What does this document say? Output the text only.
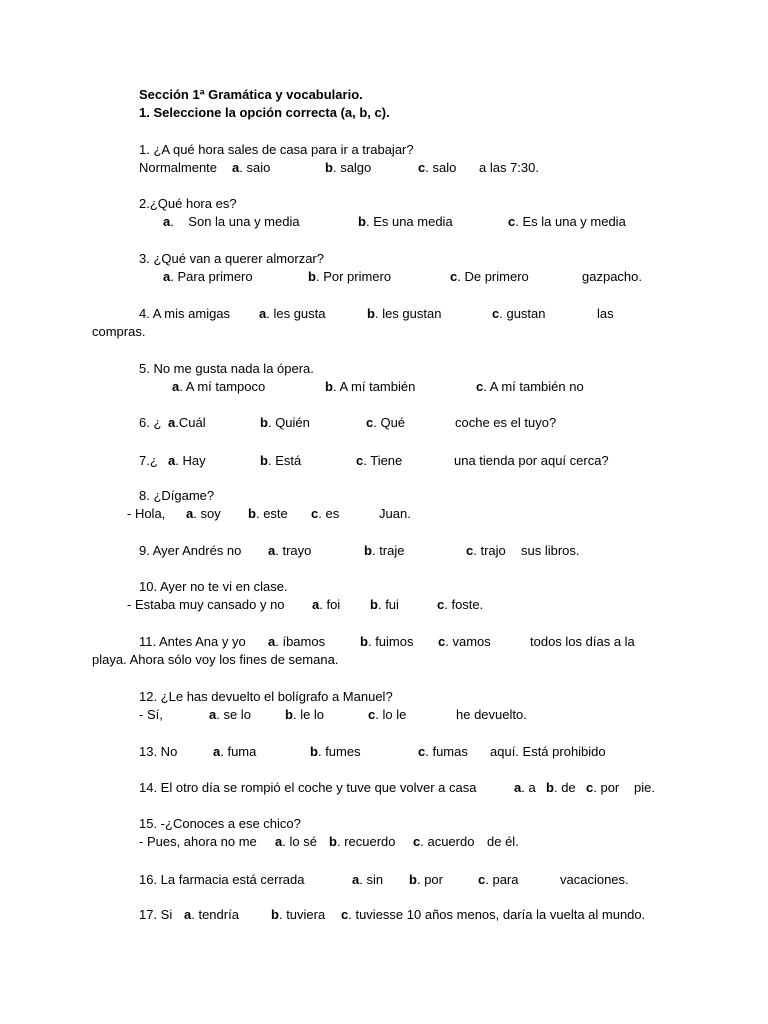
Sección 1ª Gramática y vocabulario.
1. Seleccione la opción correcta (a, b, c).
1. ¿A qué hora sales de casa para ir a trabajar?
Normalmente a. saio	b. salgo	c. salo a las 7:30.
2.¿Qué hora es?
a.    Son la una y media	b. Es una media	c. Es la una y media
3. ¿Qué van a querer almorzar?
a. Para primero	b. Por primero	c. De primero	gazpacho.
4. A mis amigas a. les gusta	b. les gustan	c. gustan	las
compras.
5. No me gusta nada la ópera.
a. A mí tampoco	b. A mí también	c. A mí también no
6. ¿ a.Cuál	b. Quién	c. Qué	coche es el tuyo?
7.¿ a. Hay	b. Está	c. Tiene	una tienda por aquí cerca?
8. ¿Dígame?
- Hola, a. soy b. este c. es	Juan.
9. Ayer Andrés no a. trayo	b. traje	c. trajo sus libros.
10. Ayer no te vi en clase.
- Estaba muy cansado y no a. foi b. fui	c. foste.
11. Antes Ana y yo a. íbamos	b. fuimos c. vamos	todos los días a la
playa. Ahora sólo voy los fines de semana.
12. ¿Le has devuelto el bolígrafo a Manuel?
- Sí,	a. se lo	b. le lo	c. lo le	he devuelto.
13. No	a. fuma	b. fumes	c. fumas aquí. Está prohibido
14. El otro día se rompió el coche y tuve que volver a casa	a. a b. de c. por pie.
15. -¿Conoces a ese chico?
- Pues, ahora no me a. lo sé b. recuerdo c. acuerdo de él.
16. La farmacia está cerrada	a. sin b. por	c. para	vacaciones.
17. Si a. tendría b. tuviera c. tuviesse 10 años menos, daría la vuelta al mundo.
